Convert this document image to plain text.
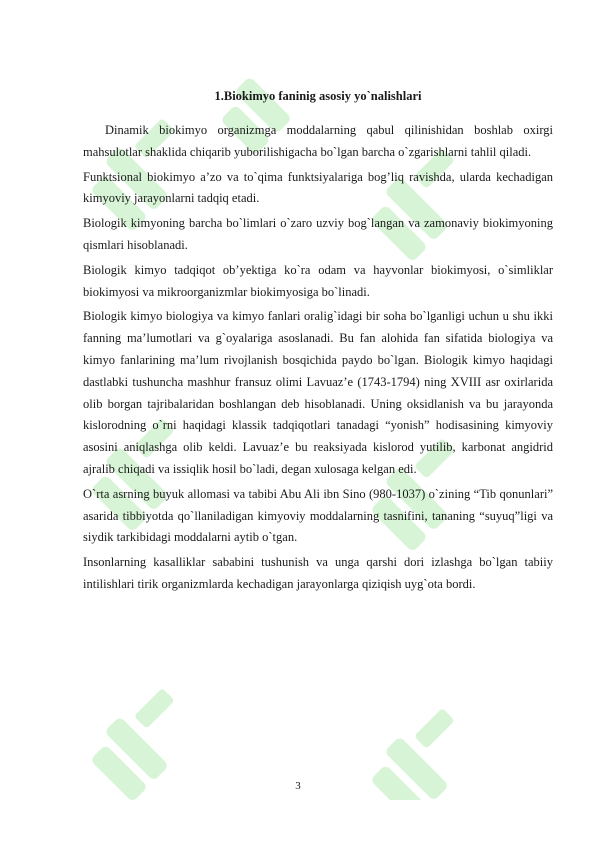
1.Biokimyo faninig asosiy yo`nalishlari

Dinamik biokimyo organizmga moddalarning qabul qilinishidan boshlab oxirgi mahsulotlar shaklida chiqarib yuborilishigacha bo`lgan barcha o`zgarishlarni tahlil qiladi.

Funktsional biokimyo a’zo va to`qima funktsiyalariga bog’liq ravishda, ularda kechadigan kimyoviy jarayonlarni tadqiq etadi.

Biologik kimyoning barcha bo`limlari o`zaro uzviy bog`langan va zamonaviy biokimyoning qismlari hisoblanadi.

Biologik kimyo tadqiqot ob’yektiga ko`ra odam va hayvonlar biokimyosi, o`simliklar biokimyosi va mikroorganizmlar biokimyosiga bo`linadi.

Biologik kimyo biologiya va kimyo fanlari oralig`idagi bir soha bo`lganligi uchun u shu ikki fanning ma’lumotlari va g`oyalariga asoslanadi. Bu fan alohida fan sifatida biologiya va kimyo fanlarining ma’lum rivojlanish bosqichida paydo bo`lgan. Biologik kimyo haqidagi dastlabki tushuncha mashhur fransuz olimi Lavuaz’e (1743-1794) ning XVIII asr oxirlarida olib borgan tajribalaridan boshlangan deb hisoblanadi. Uning oksidlanish va bu jarayonda kislorodning o`rni haqidagi klassik tadqiqotlari tanadagi “yonish” hodisasining kimyoviy asosini aniqlashga olib keldi. Lavuaz’e bu reaksiyada kislorod yutilib, karbonat angidrid ajralib chiqadi va issiqlik hosil bo`ladi, degan xulosaga kelgan edi.

O`rta asrning buyuk allomasi va tabibi Abu Ali ibn Sino (980-1037) o`zining “Tib qonunlari” asarida tibbiyotda qo`llaniladigan kimyoviy moddalarning tasnifini, tananing “suyuq”ligi va siydik tarkibidagi moddalarni aytib o`tgan.

Insonlarning kasalliklar sababini tushunish va unga qarshi dori izlashga bo`lgan tabiiy intilishlari tirik organizmlarda kechadigan jarayonlarga qiziqish uyg`ota bordi.

3
